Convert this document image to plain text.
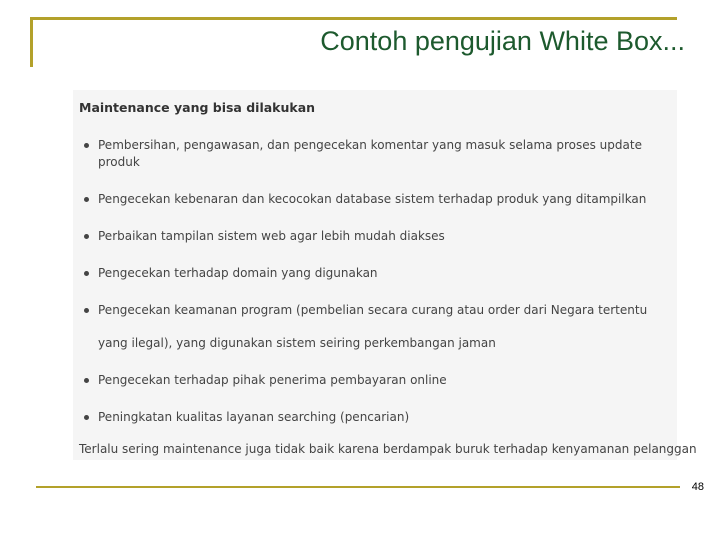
Contoh pengujian White Box...
Maintenance yang bisa dilakukan
Pembersihan, pengawasan, dan pengecekan komentar yang masuk selama proses update produk
Pengecekan kebenaran dan kecocokan database sistem terhadap produk yang ditampilkan
Perbaikan tampilan sistem web agar lebih mudah diakses
Pengecekan terhadap domain yang digunakan
Pengecekan keamanan program (pembelian secara curang atau order dari Negara tertentu yang ilegal), yang digunakan sistem seiring perkembangan jaman
Pengecekan terhadap pihak penerima pembayaran online
Peningkatan kualitas layanan searching (pencarian)
Terlalu sering maintenance juga tidak baik karena berdampak buruk terhadap kenyamanan pelanggan
48
